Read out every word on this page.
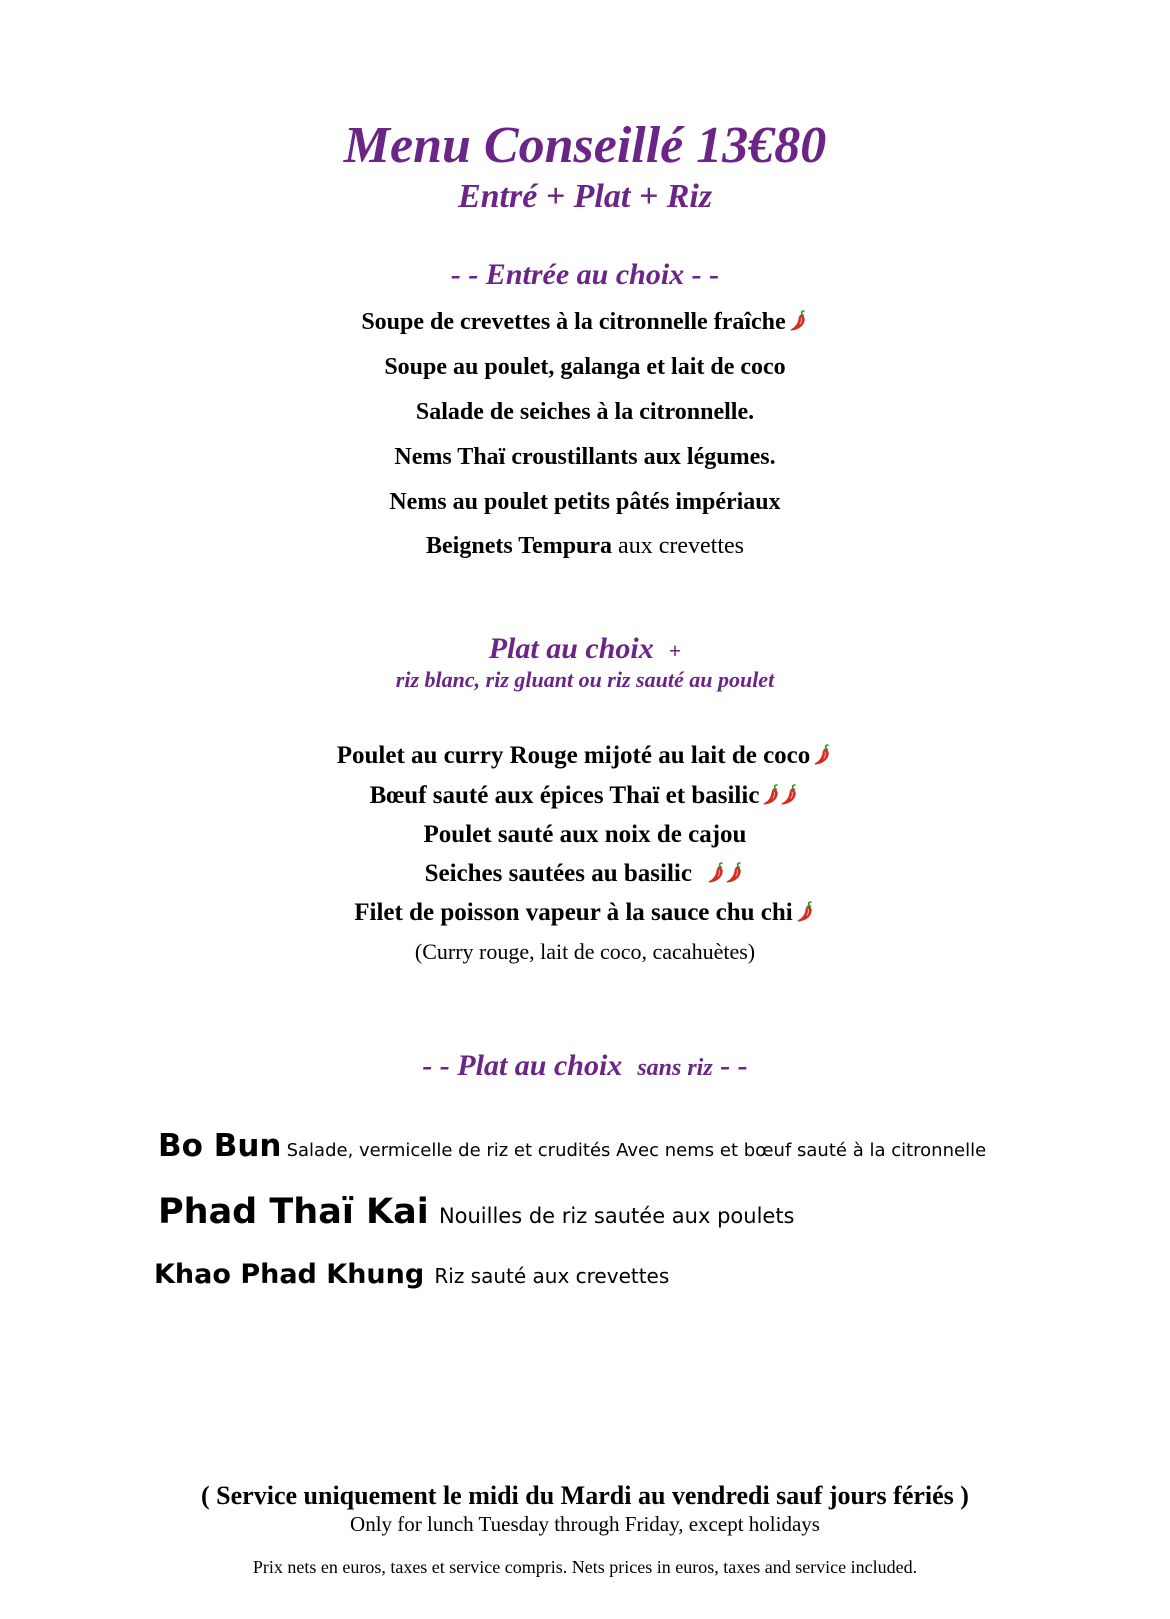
Menu Conseillé 13€80
Entré + Plat + Riz
- - Entrée au choix - -
Soupe de crevettes à la citronnelle fraîche
Soupe au poulet, galanga et lait de coco
Salade de seiches à la citronnelle.
Nems Thaï croustillants aux légumes.
Nems au poulet petits pâtés impériaux
Beignets Tempura aux crevettes
Plat au choix +
riz blanc, riz gluant ou riz sauté au poulet
Poulet au curry Rouge mijoté au lait de coco
Bœuf sauté aux épices Thaï et basilic
Poulet sauté aux noix de cajou
Seiches sautées au basilic
Filet de poisson vapeur à la sauce chu chi
(Curry rouge, lait de coco, cacahuètes)
- - Plat au choix sans riz - -
Bo Bun Salade, vermicelle de riz et crudités Avec nems et bœuf sauté à la citronnelle
Phad Thaï Kai Nouilles de riz sautée aux poulets
Khao Phad Khung Riz sauté aux crevettes
( Service uniquement le midi du Mardi au vendredi sauf jours fériés )
Only for lunch Tuesday through Friday, except holidays
Prix nets en euros, taxes et service compris. Nets prices in euros, taxes and service included.
